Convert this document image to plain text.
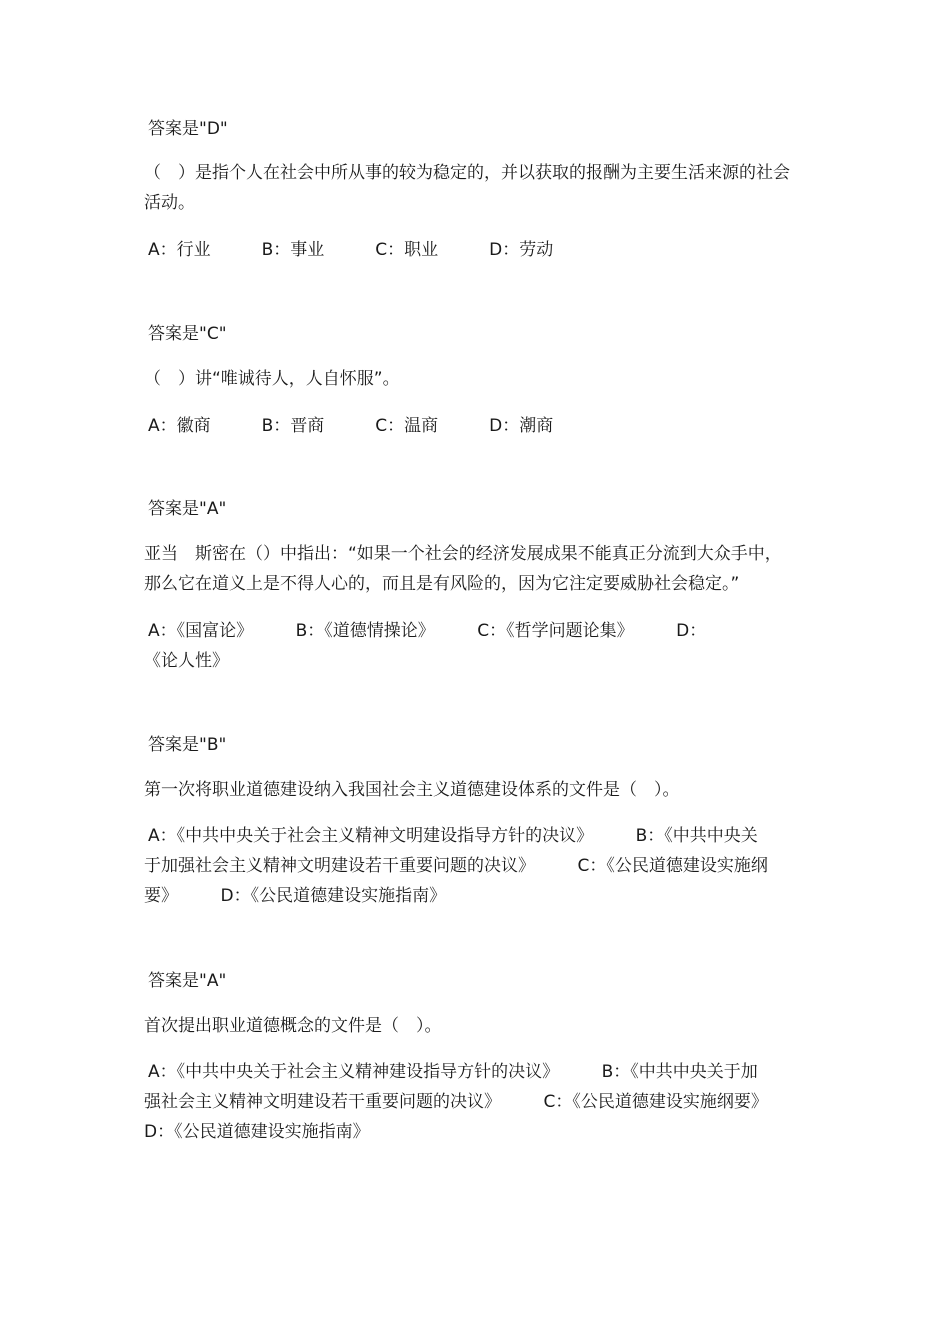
答案是"D"

（　）是指个人在社会中所从事的较为稳定的，并以获取的报酬为主要生活来源的社会

活动。

A：行业　　　B：事业　　　C：职业　　　D：劳动

答案是"C"

（　）讲“唯诚待人，人自怀服”。

A：徽商　　　B：晋商　　　C：温商　　　D：潮商

答案是"A"

亚当　斯密在（）中指出：“如果一个社会的经济发展成果不能真正分流到大众手中，

那么它在道义上是不得人心的，而且是有风险的，因为它注定要威胁社会稳定。”

A：《国富论》　　　B：《道德情操论》　　　C：《哲学问题论集》　　　D：

《论人性》

答案是"B"

第一次将职业道德建设纳入我国社会主义道德建设体系的文件是（　）。

A：《中共中央关于社会主义精神文明建设指导方针的决议》　　　B：《中共中央关

于加强社会主义精神文明建设若干重要问题的决议》　　　C：《公民道德建设实施纲

要》　　　D：《公民道德建设实施指南》

答案是"A"

首次提出职业道德概念的文件是（　）。

A：《中共中央关于社会主义精神建设指导方针的决议》　　　B：《中共中央关于加

强社会主义精神文明建设若干重要问题的决议》　　　C：《公民道德建设实施纲要》

D：《公民道德建设实施指南》
